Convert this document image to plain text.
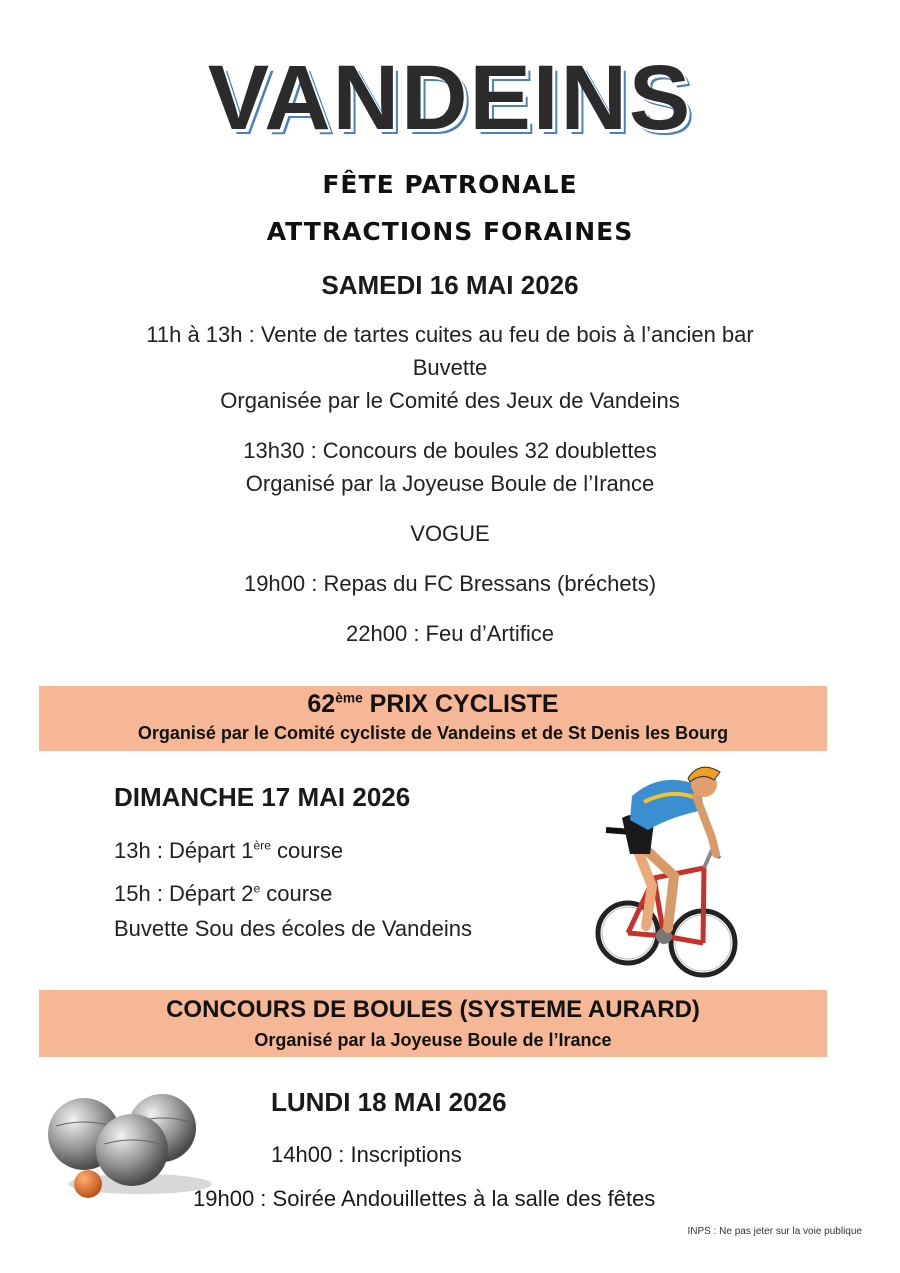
VANDEINS
FÊTE PATRONALE
ATTRACTIONS FORAINES
SAMEDI 16 MAI 2026
11h à 13h : Vente de tartes cuites au feu de bois à l’ancien bar
Buvette
Organisée par le Comité des Jeux de Vandeins
13h30 : Concours de boules 32 doublettes
Organisé par la Joyeuse Boule de l’Irance
VOGUE
19h00 : Repas du FC Bressans (bréchets)
22h00 : Feu d’Artifice
62ème PRIX CYCLISTE
Organisé par le Comité cycliste de Vandeins et de St Denis les Bourg
DIMANCHE 17 MAI 2026
13h : Départ 1ère course
15h : Départ 2e course
Buvette Sou des écoles de Vandeins
CONCOURS DE BOULES (SYSTEME AURARD)
Organisé par la Joyeuse Boule de l’Irance
LUNDI 18 MAI 2026
14h00 : Inscriptions
19h00 : Soirée Andouillettes à la salle des fêtes
INPS : Ne pas jeter sur la voie publique
